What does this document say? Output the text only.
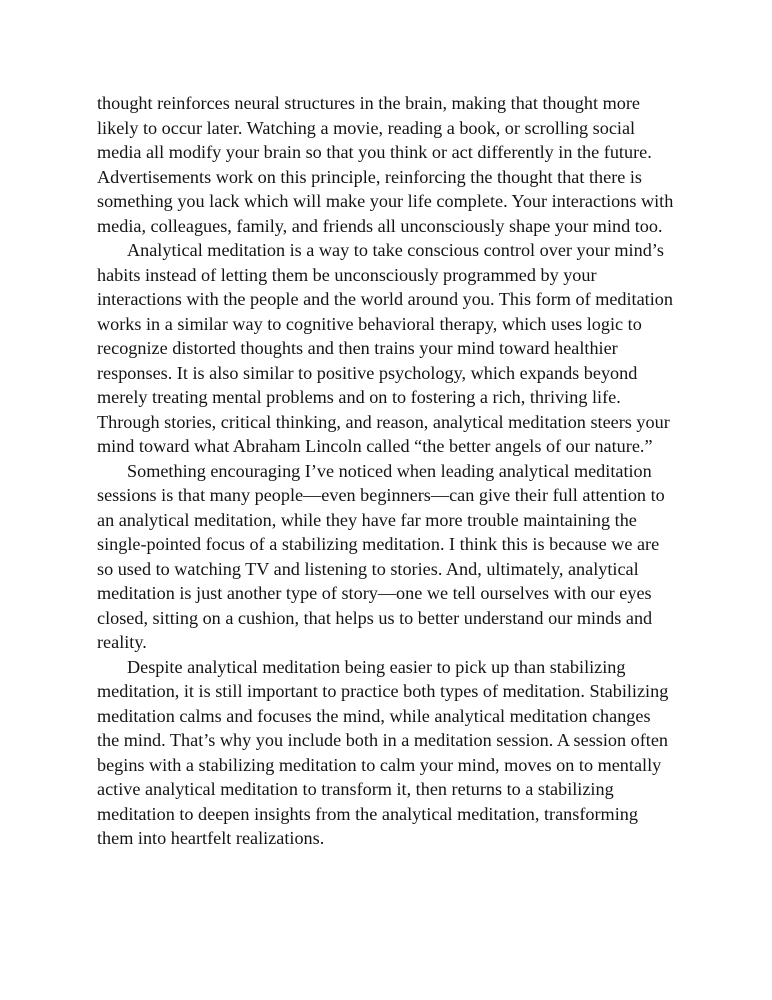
thought reinforces neural structures in the brain, making that thought more likely to occur later. Watching a movie, reading a book, or scrolling social media all modify your brain so that you think or act differently in the future. Advertisements work on this principle, reinforcing the thought that there is something you lack which will make your life complete. Your interactions with media, colleagues, family, and friends all unconsciously shape your mind too.

Analytical meditation is a way to take conscious control over your mind’s habits instead of letting them be unconsciously programmed by your interactions with the people and the world around you. This form of meditation works in a similar way to cognitive behavioral therapy, which uses logic to recognize distorted thoughts and then trains your mind toward healthier responses. It is also similar to positive psychology, which expands beyond merely treating mental problems and on to fostering a rich, thriving life. Through stories, critical thinking, and reason, analytical meditation steers your mind toward what Abraham Lincoln called “the better angels of our nature.”

Something encouraging I’ve noticed when leading analytical meditation sessions is that many people—even beginners—can give their full attention to an analytical meditation, while they have far more trouble maintaining the single-pointed focus of a stabilizing meditation. I think this is because we are so used to watching TV and listening to stories. And, ultimately, analytical meditation is just another type of story—one we tell ourselves with our eyes closed, sitting on a cushion, that helps us to better understand our minds and reality.

Despite analytical meditation being easier to pick up than stabilizing meditation, it is still important to practice both types of meditation. Stabilizing meditation calms and focuses the mind, while analytical meditation changes the mind. That’s why you include both in a meditation session. A session often begins with a stabilizing meditation to calm your mind, moves on to mentally active analytical meditation to transform it, then returns to a stabilizing meditation to deepen insights from the analytical meditation, transforming them into heartfelt realizations.
